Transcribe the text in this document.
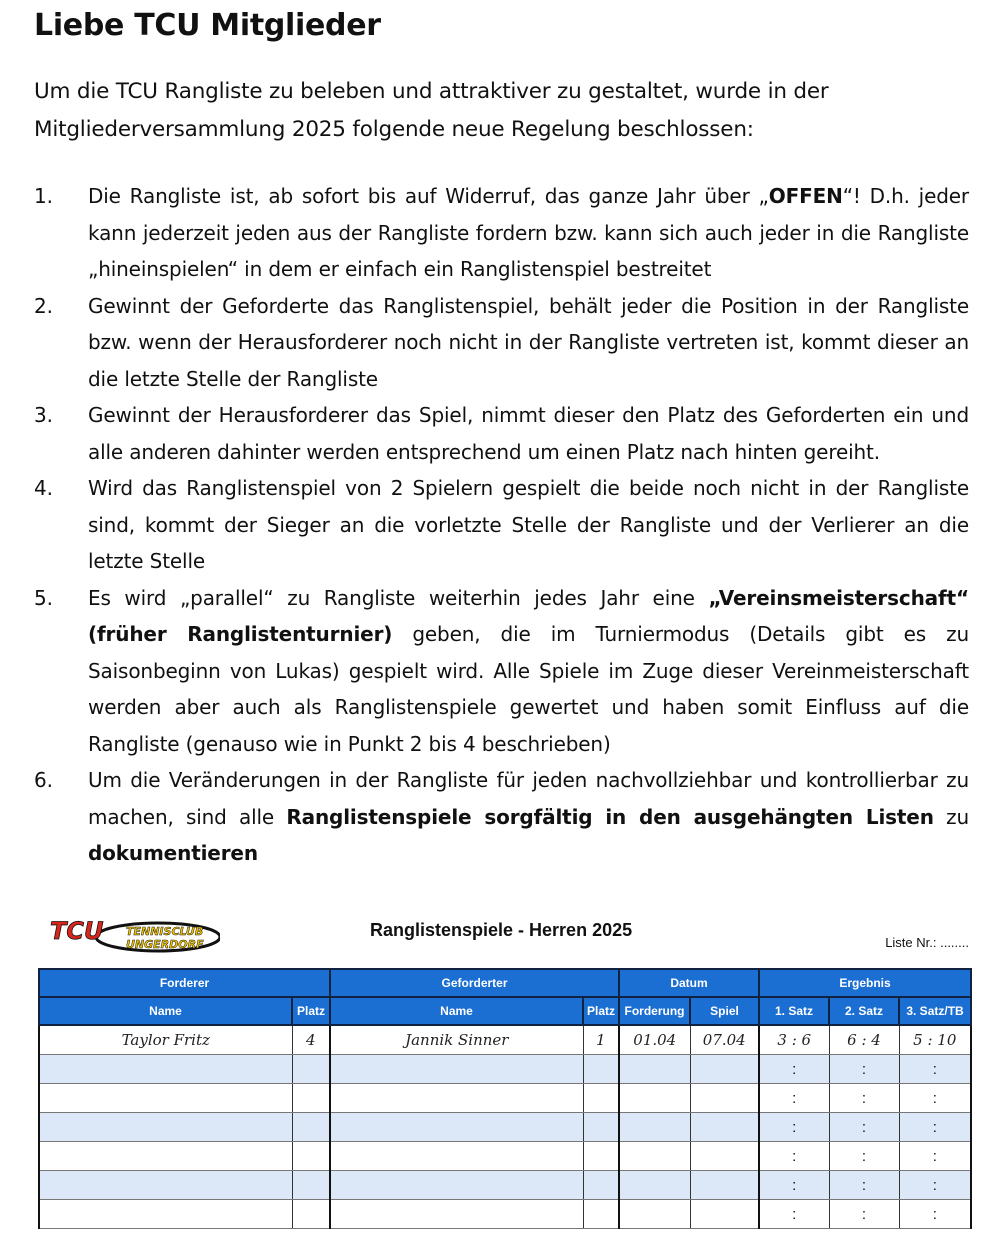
Liebe TCU Mitglieder

Um die TCU Rangliste zu beleben und attraktiver zu gestaltet, wurde in der Mitgliederversammlung 2025 folgende neue Regelung beschlossen:

1. Die Rangliste ist, ab sofort bis auf Widerruf, das ganze Jahr über „OFFEN“! D.h. jeder kann jederzeit jeden aus der Rangliste fordern bzw. kann sich auch jeder in die Rangliste „hineinspielen“ in dem er einfach ein Ranglistenspiel bestreitet
2. Gewinnt der Geforderte das Ranglistenspiel, behält jeder die Position in der Rangliste bzw. wenn der Herausforderer noch nicht in der Rangliste vertreten ist, kommt dieser an die letzte Stelle der Rangliste
3. Gewinnt der Herausforderer das Spiel, nimmt dieser den Platz des Geforderten ein und alle anderen dahinter werden entsprechend um einen Platz nach hinten gereiht.
4. Wird das Ranglistenspiel von 2 Spielern gespielt die beide noch nicht in der Rangliste sind, kommt der Sieger an die vorletzte Stelle der Rangliste und der Verlierer an die letzte Stelle
5. Es wird „parallel“ zu Rangliste weiterhin jedes Jahr eine „Vereinsmeisterschaft“ (früher Ranglistenturnier) geben, die im Turniermodus (Details gibt es zu Saisonbeginn von Lukas) gespielt wird. Alle Spiele im Zuge dieser Vereinmeisterschaft werden aber auch als Ranglistenspiele gewertet und haben somit Einfluss auf die Rangliste (genauso wie in Punkt 2 bis 4 beschrieben)
6. Um die Veränderungen in der Rangliste für jeden nachvollziehbar und kontrollierbar zu machen, sind alle Ranglistenspiele sorgfältig in den ausgehängten Listen zu dokumentieren
TCU TENNISCLUB
UNGERDORF
Ranglistenspiele - Herren 2025
Liste Nr.: ........
Forderer		Geforderter		Datum		Ergebnis		
Name	Platz	Name	Platz	Forderung	Spiel	1. Satz	2. Satz	3. Satz/TB
Taylor Fritz	4	Jannik Sinner	1	01.04	07.04	3 : 6	6 : 4	5 : 10
						:	:	:
						:	:	:
						:	:	:
						:	:	:
						:	:	:
						:	:	:
